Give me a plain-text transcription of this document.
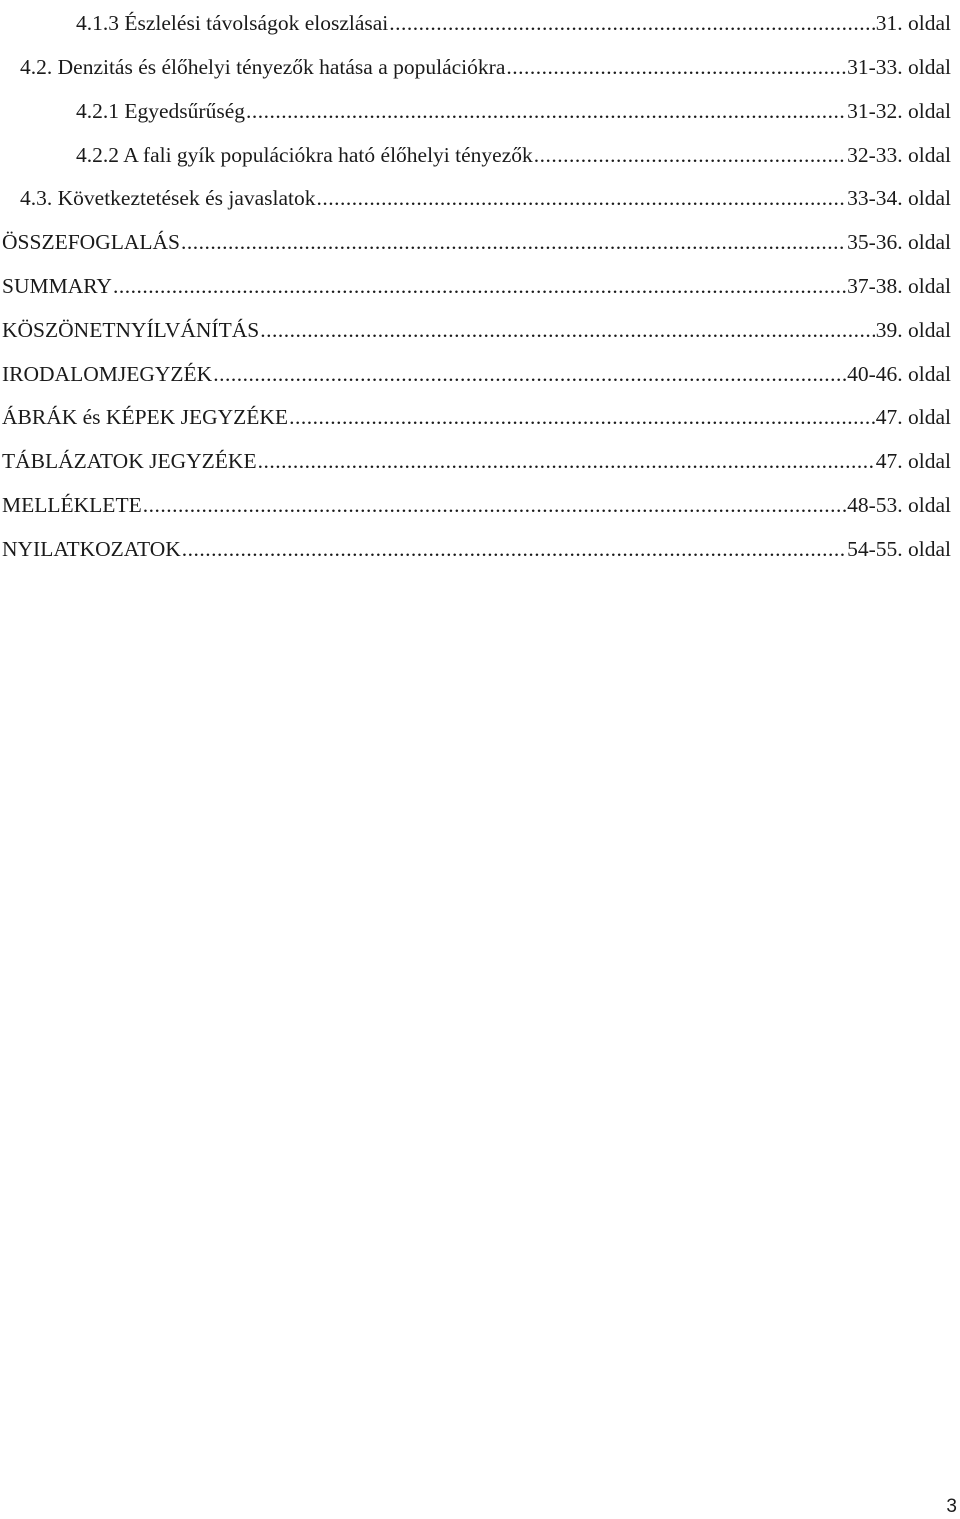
4.1.3 Észlelési távolságok eloszlásai .....	31. oldal
4.2. Denzitás és élőhelyi tényezők hatása a populációkra .....	31-33. oldal
4.2.1 Egyedsűrűség .....	31-32. oldal
4.2.2 A fali gyík populációkra ható élőhelyi tényezők .....	32-33. oldal
4.3. Következtetések és javaslatok .....	33-34. oldal
ÖSSZEFOGLALÁS .....	35-36. oldal
SUMMARY .....	37-38. oldal
KÖSZÖNETNYÍLVÁNÍTÁS .....	39. oldal
IRODALOMJEGYZÉK .....	40-46. oldal
ÁBRÁK és KÉPEK JEGYZÉKE .....	47. oldal
TÁBLÁZATOK JEGYZÉKE .....	47. oldal
MELLÉKLETE .....	48-53. oldal
NYILATKOZATOK .....	54-55. oldal
3
